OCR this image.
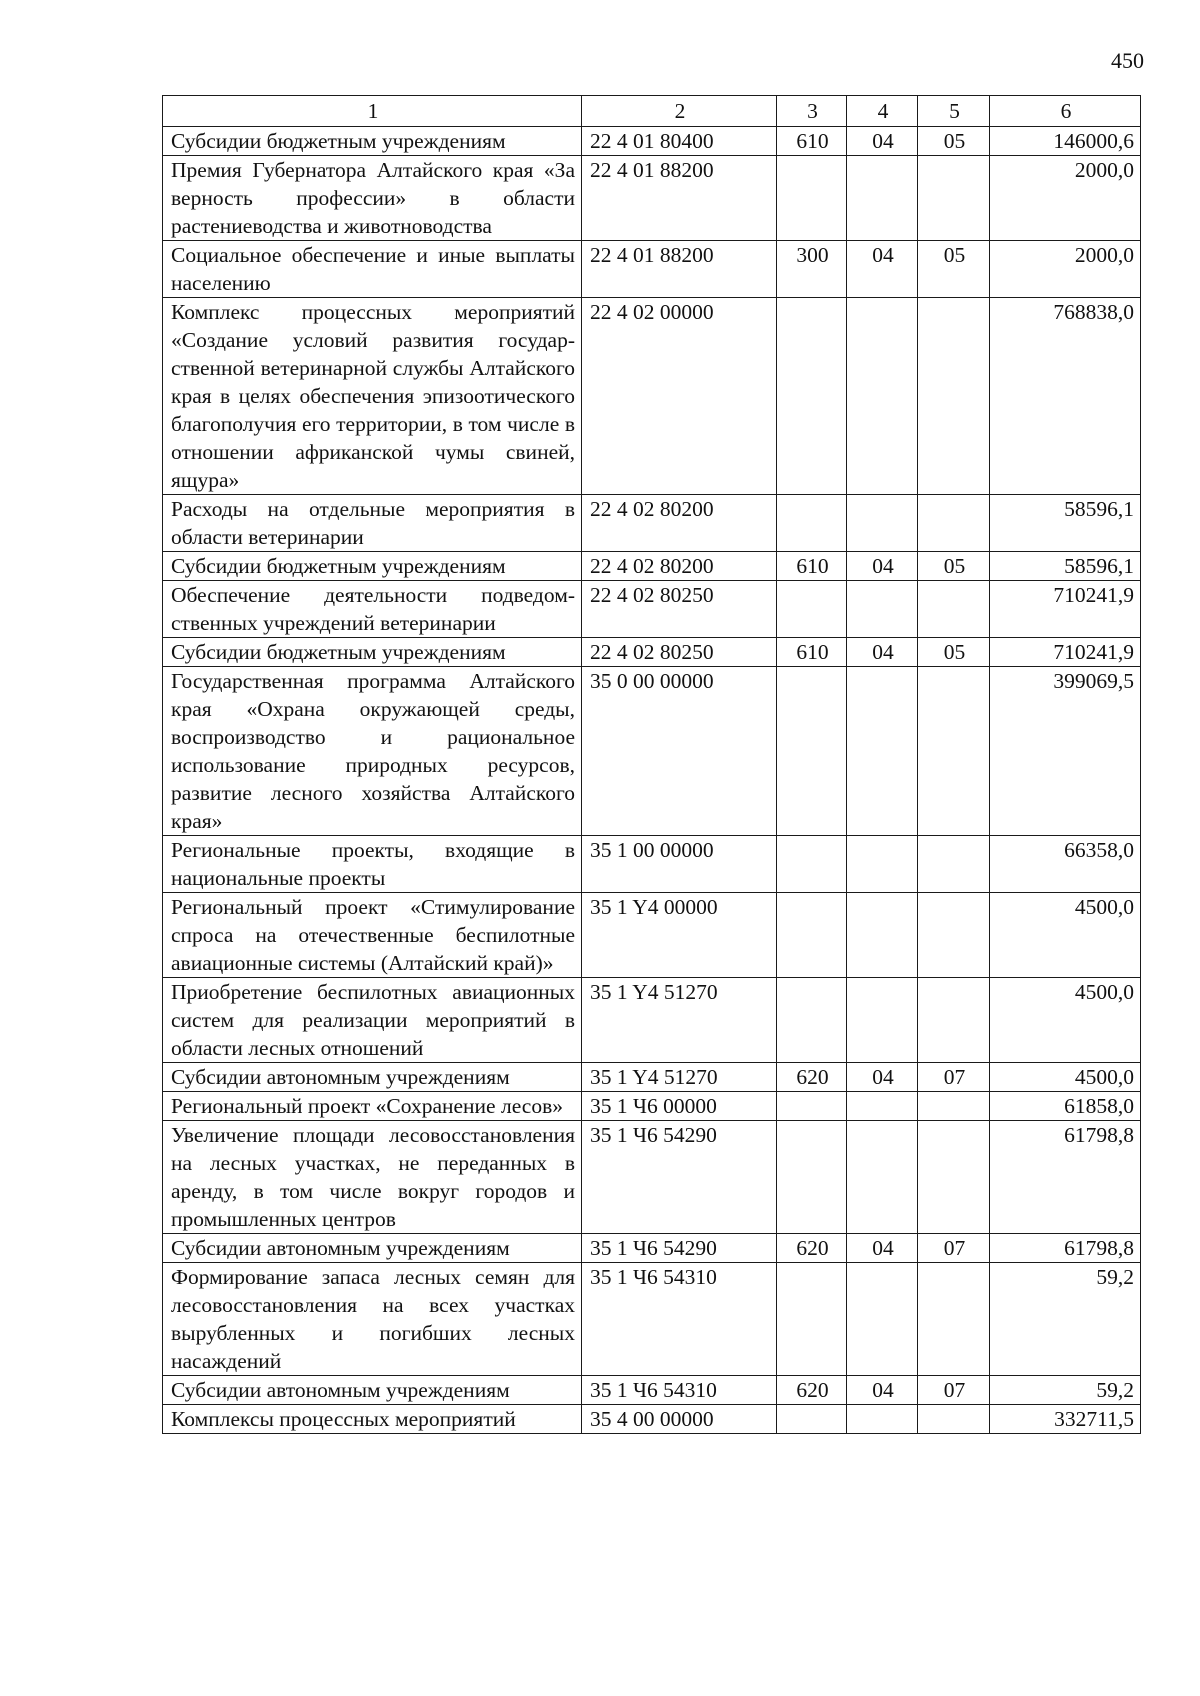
450
1	2	3	4	5	6
Субсидии бюджетным учреждениям	22 4 01 80400	610	04	05	146000,6
Премия Губернатора Алтайского края «За верность профессии» в области растениеводства и животноводства	22 4 01 88200				2000,0
Социальное обеспечение и иные выплаты населению	22 4 01 88200	300	04	05	2000,0
Комплекс процессных мероприятий «Создание условий развития государственной ветеринарной службы Алтайского края в целях обеспечения эпизоотического благополучия его территории, в том числе в отношении африканской чумы свиней, ящура»	22 4 02 00000				768838,0
Расходы на отдельные мероприятия в области ветеринарии	22 4 02 80200				58596,1
Субсидии бюджетным учреждениям	22 4 02 80200	610	04	05	58596,1
Обеспечение деятельности подведомственных учреждений ветеринарии	22 4 02 80250				710241,9
Субсидии бюджетным учреждениям	22 4 02 80250	610	04	05	710241,9
Государственная программа Алтайского края «Охрана окружающей среды, воспроизводство и рациональное использование природных ресурсов, развитие лесного хозяйства Алтайского края»	35 0 00 00000				399069,5
Региональные проекты, входящие в национальные проекты	35 1 00 00000				66358,0
Региональный проект «Стимулирование спроса на отечественные беспилотные авиационные системы (Алтайский край)»	35 1 Y4 00000				4500,0
Приобретение беспилотных авиационных систем для реализации мероприятий в области лесных отношений	35 1 Y4 51270				4500,0
Субсидии автономным учреждениям	35 1 Y4 51270	620	04	07	4500,0
Региональный проект «Сохранение лесов»	35 1 Ч6 00000				61858,0
Увеличение площади лесовосстановления на лесных участках, не переданных в аренду, в том числе вокруг городов и промышленных центров	35 1 Ч6 54290				61798,8
Субсидии автономным учреждениям	35 1 Ч6 54290	620	04	07	61798,8
Формирование запаса лесных семян для лесовосстановления на всех участках вырубленных и погибших лесных насаждений	35 1 Ч6 54310				59,2
Субсидии автономным учреждениям	35 1 Ч6 54310	620	04	07	59,2
Комплексы процессных мероприятий	35 4 00 00000				332711,5
